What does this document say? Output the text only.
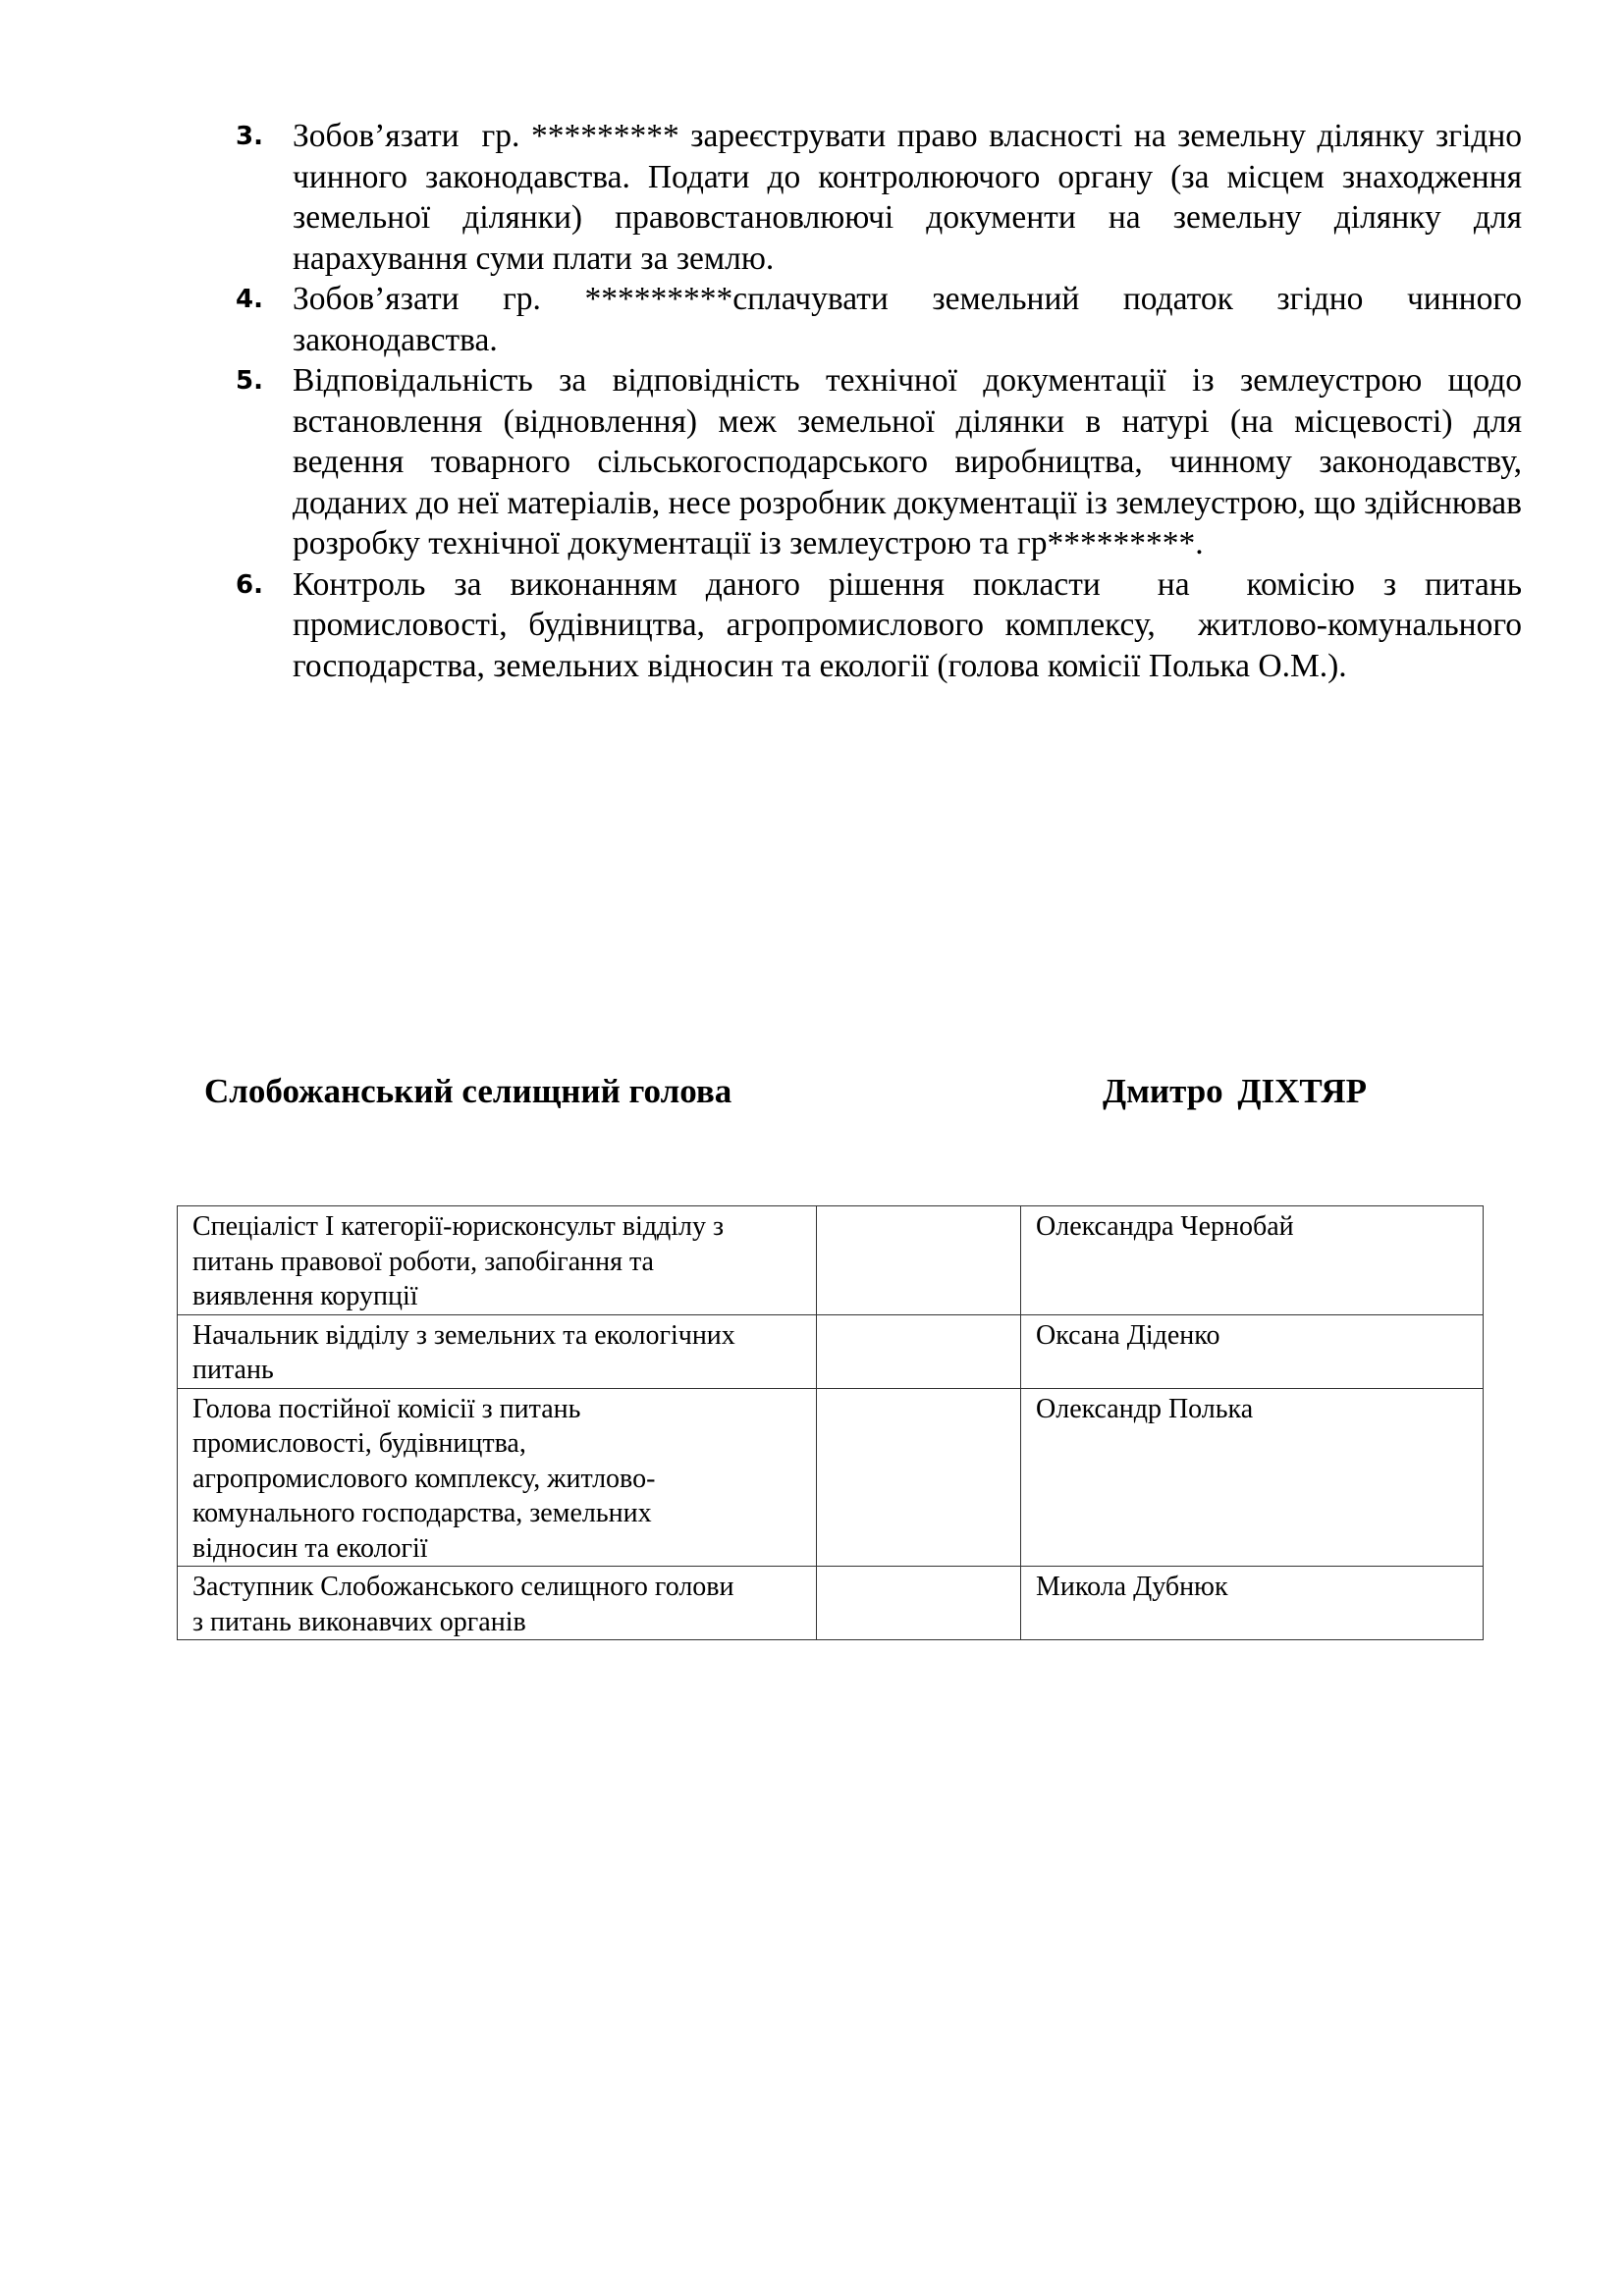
3. Зобов’язати  гр. ********* зареєструвати право власності на земельну ділянку згідно чинного законодавства. Подати до контролюючого органу (за місцем знаходження земельної ділянки) правовстановлюючі документи на земельну ділянку для нарахування суми плати за землю.
4. Зобов’язати  гр.  *********сплачувати  земельний  податок  згідно  чинного законодавства.
5. Відповідальність за відповідність технічної документації із землеустрою щодо встановлення (відновлення) меж земельної ділянки в натурі (на місцевості) для ведення товарного сільськогосподарського виробництва, чинному законодавству, доданих до неї матеріалів, несе розробник документації із землеустрою, що здійснював розробку технічної документації із землеустрою та гр*********.
6. Контроль за виконанням даного рішення покласти  на  комісію з питань промисловості, будівництва, агропромислового комплексу,  житлово-комунального  господарства, земельних відносин та екології (голова комісії Полька О.М.).
Слобожанський селищний голова	Дмитро ДІХТЯР
Спеціаліст I категорії-юрисконсульт відділу з
питань правової роботи, запобігання та
виявлення корупції		Олександра Чернобай
Начальник відділу з земельних та екологічних
питань		Оксана Діденко
Голова постійної комісії з питань
промисловості, будівництва,
агропромислового комплексу, житлово-
комунального господарства, земельних
відносин та екології		Олександр Полька
Заступник Слобожанського селищного голови
з питань виконавчих органів		Микола Дубнюк
